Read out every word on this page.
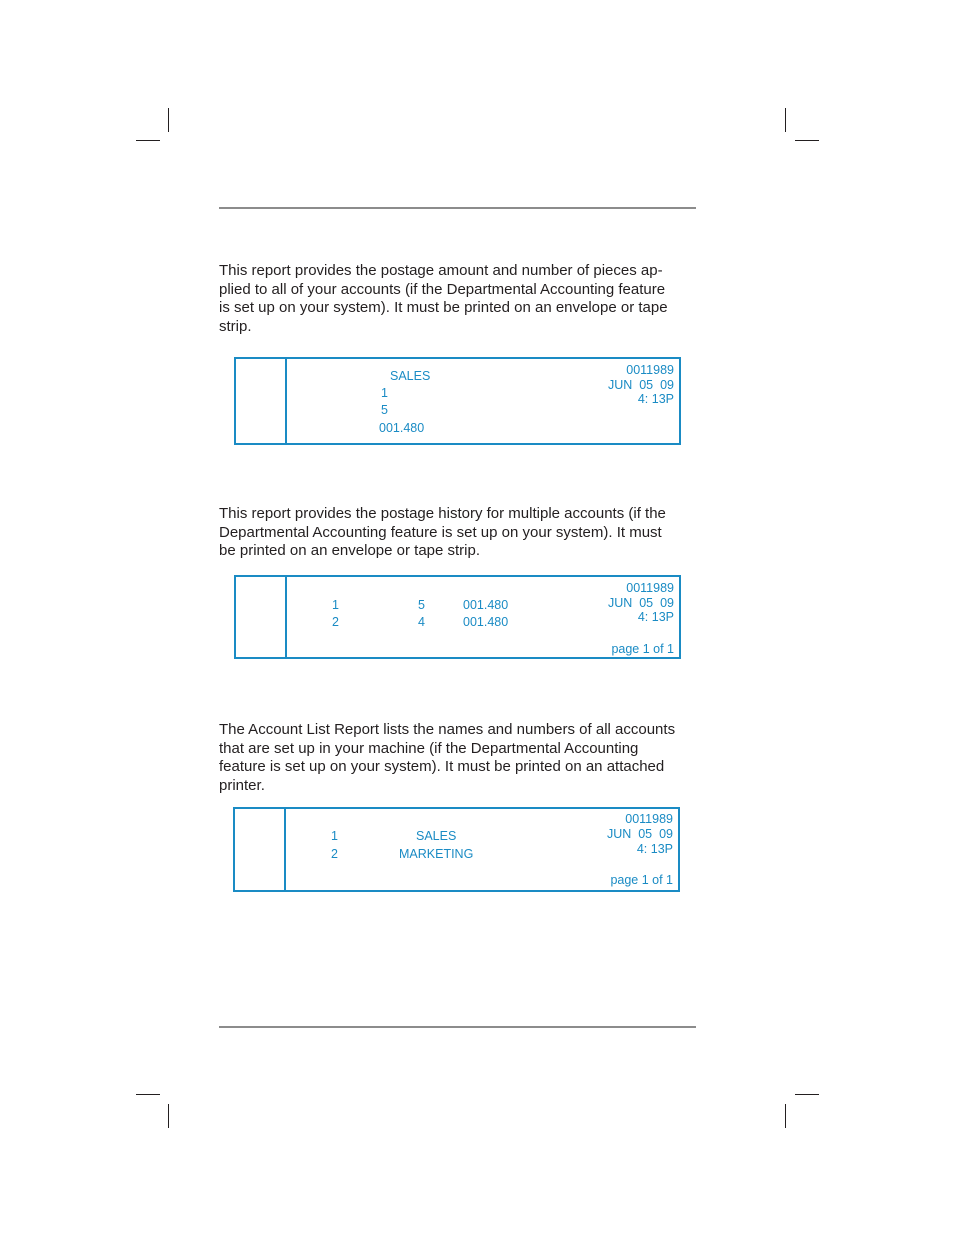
This report provides the postage amount and number of pieces ap-
plied to all of your accounts (if the Departmental Accounting feature
is set up on your system). It must be printed on an envelope or tape
strip.

SALES
1
5
001.480
0011989
JUN  05  09
4: 13P

This report provides the postage history for multiple accounts (if the
Departmental Accounting feature is set up on your system). It must
be printed on an envelope or tape strip.

1	5	001.480
2	4	001.480
0011989
JUN  05  09
4: 13P
page 1 of 1

The Account List Report lists the names and numbers of all accounts
that are set up in your machine (if the Departmental Accounting
feature is set up on your system). It must be printed on an attached
printer.

1	SALES
2	MARKETING
0011989
JUN  05  09
4: 13P
page 1 of 1
